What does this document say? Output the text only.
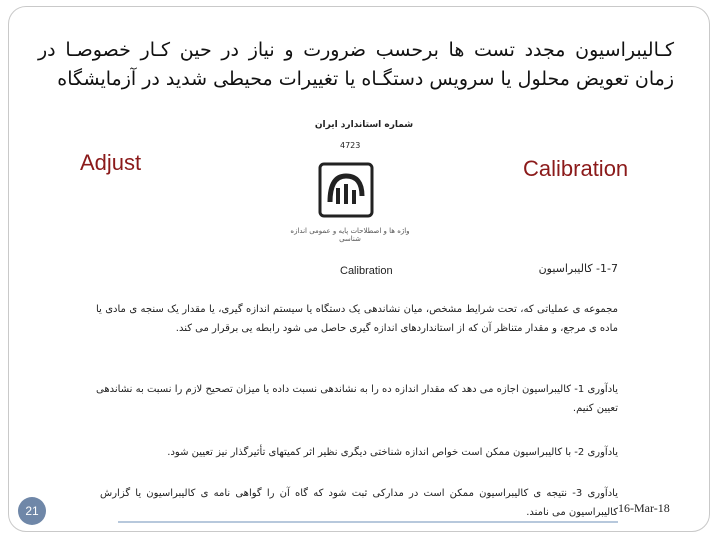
کـالیبراسیون مجدد تست ها برحسب ضرورت و نیاز در حین کـار خصوصـا در زمان تعویض محلول یا سرویس دستگـاه یا تغییرات محیطی شدید در آزمایشگاه
شماره استاندارد ایران
4723
واژه ها و اصطلاحات پایه و عمومی اندازه شناسی
Calibration	1-7- کالیبراسیون
مجموعه ی عملیاتی که، تحت شرایط مشخص، میان نشاندهی یک دستگاه یا سیستم اندازه گیری، یا مقدار یک سنجه ی مادی یا ماده ی مرجع، و مقدار متناظر آن که از استانداردهای اندازه گیری حاصل می شود رابطه یی برقرار می کند.
یادآوری 1- کالیبراسیون اجازه می دهد که مقدار اندازه ده را به نشاندهی نسبت داده یا میزان تصحیح لازم را نسبت به نشاندهی تعیین کنیم.
یادآوری 2- با کالیبراسیون ممکن است خواص اندازه شناختی دیگری نظیر اثر کمیتهای تأثیرگذار نیز تعیین شود.
یادآوری 3- نتیجه ی کالیبراسیون ممکن است در مدارکی ثبت شود که گاه آن را گواهی نامه ی کالیبراسیون یا گزارش کالیبراسیون می نامند.
Adjust	Calibration
21	16-Mar-18
